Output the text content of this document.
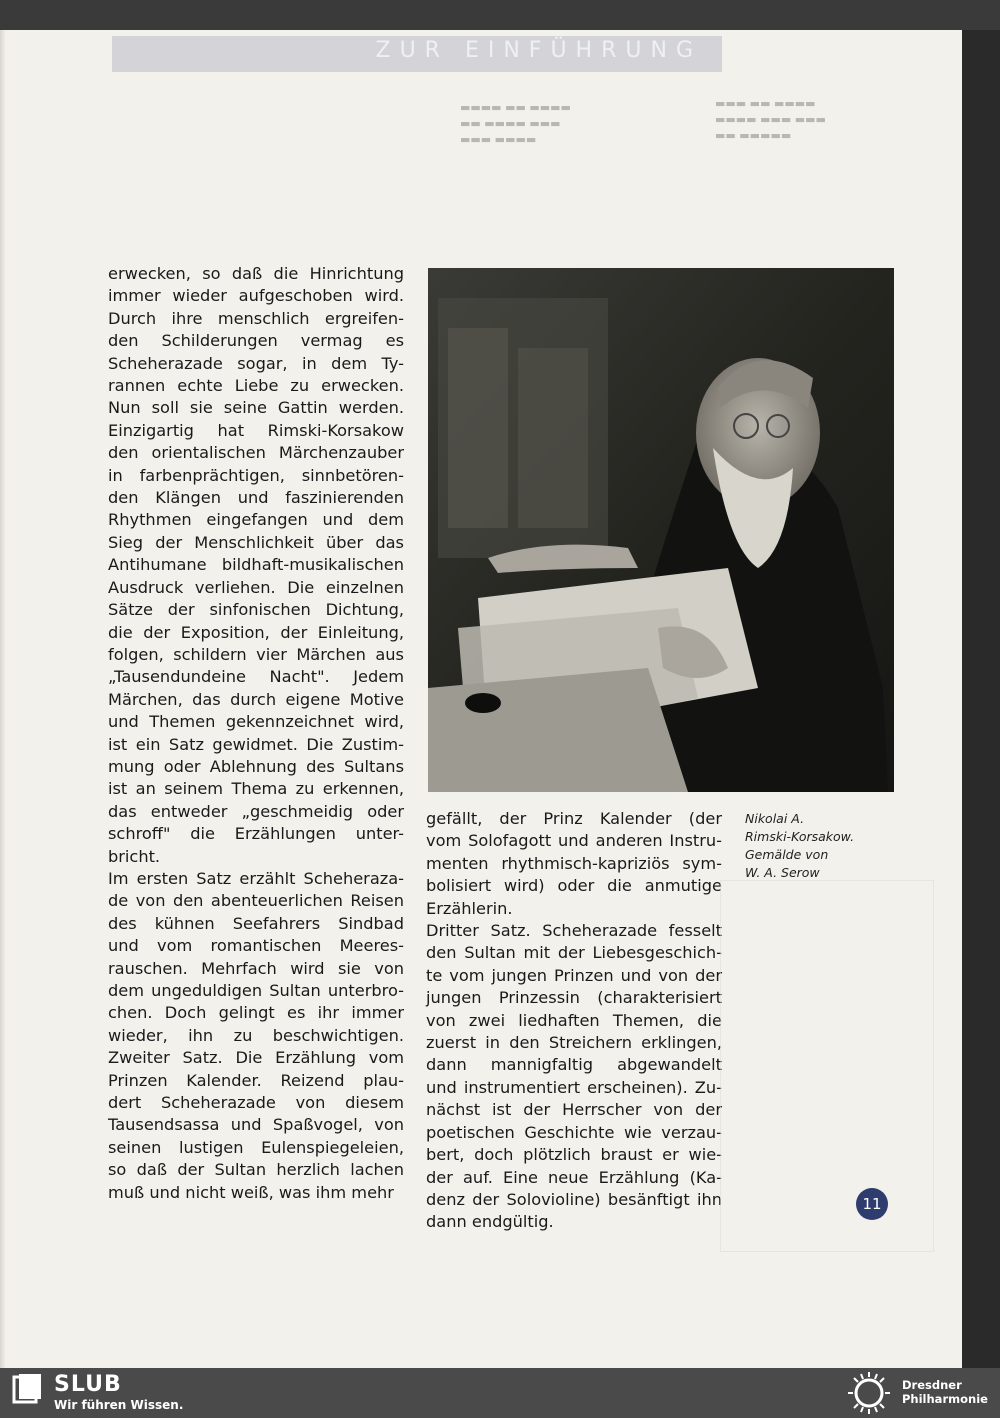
ZUR EINFÜHRUNG
▬▬▬ ▬▬ ▬▬▬▬
▬▬▬▬ ▬▬▬ ▬▬▬
▬▬ ▬▬▬▬▬
▬▬▬▬ ▬▬ ▬▬▬▬
▬▬ ▬▬▬▬ ▬▬▬
▬▬▬ ▬▬▬▬
erwecken, so daß die Hinrichtung
immer wieder aufgeschoben wird.
Durch ihre menschlich ergreifen-
den Schilderungen vermag es
Scheherazade sogar, in dem Ty-
rannen echte Liebe zu erwecken.
Nun soll sie seine Gattin werden.
Einzigartig hat Rimski-Korsakow
den orientalischen Märchenzauber
in farbenprächtigen, sinnbetören-
den Klängen und faszinierenden
Rhythmen eingefangen und dem
Sieg der Menschlichkeit über das
Antihumane bildhaft-musikalischen
Ausdruck verliehen. Die einzelnen
Sätze der sinfonischen Dichtung,
die der Exposition, der Einleitung,
folgen, schildern vier Märchen aus
„Tausendundeine Nacht". Jedem
Märchen, das durch eigene Motive
und Themen gekennzeichnet wird,
ist ein Satz gewidmet. Die Zustim-
mung oder Ablehnung des Sultans
ist an seinem Thema zu erkennen,
das entweder „geschmeidig oder
schroff" die Erzählungen unter-
bricht.
Im ersten Satz erzählt Scheheraza-
de von den abenteuerlichen Reisen
des kühnen Seefahrers Sindbad
und vom romantischen Meeres-
rauschen. Mehrfach wird sie von
dem ungeduldigen Sultan unterbro-
chen. Doch gelingt es ihr immer
wieder, ihn zu beschwichtigen.
Zweiter Satz. Die Erzählung vom
Prinzen Kalender. Reizend plau-
dert Scheherazade von diesem
Tausendsassa und Spaßvogel, von
seinen lustigen Eulenspiegeleien,
so daß der Sultan herzlich lachen
muß und nicht weiß, was ihm mehr
gefällt, der Prinz Kalender (der
vom Solofagott und anderen Instru-
menten rhythmisch-kapriziös sym-
bolisiert wird) oder die anmutige
Erzählerin.
Dritter Satz. Scheherazade fesselt
den Sultan mit der Liebesgeschich-
te vom jungen Prinzen und von der
jungen Prinzessin (charakterisiert
von zwei liedhaften Themen, die
zuerst in den Streichern erklingen,
dann mannigfaltig abgewandelt
und instrumentiert erscheinen). Zu-
nächst ist der Herrscher von der
poetischen Geschichte wie verzau-
bert, doch plötzlich braust er wie-
der auf. Eine neue Erzählung (Ka-
denz der Solovioline) besänftigt ihn
dann endgültig.
Nikolai A.
Rimski-Korsakow.
Gemälde von
W. A. Serow
11
SLUB
Wir führen Wissen.
Dresdner
Philharmonie
